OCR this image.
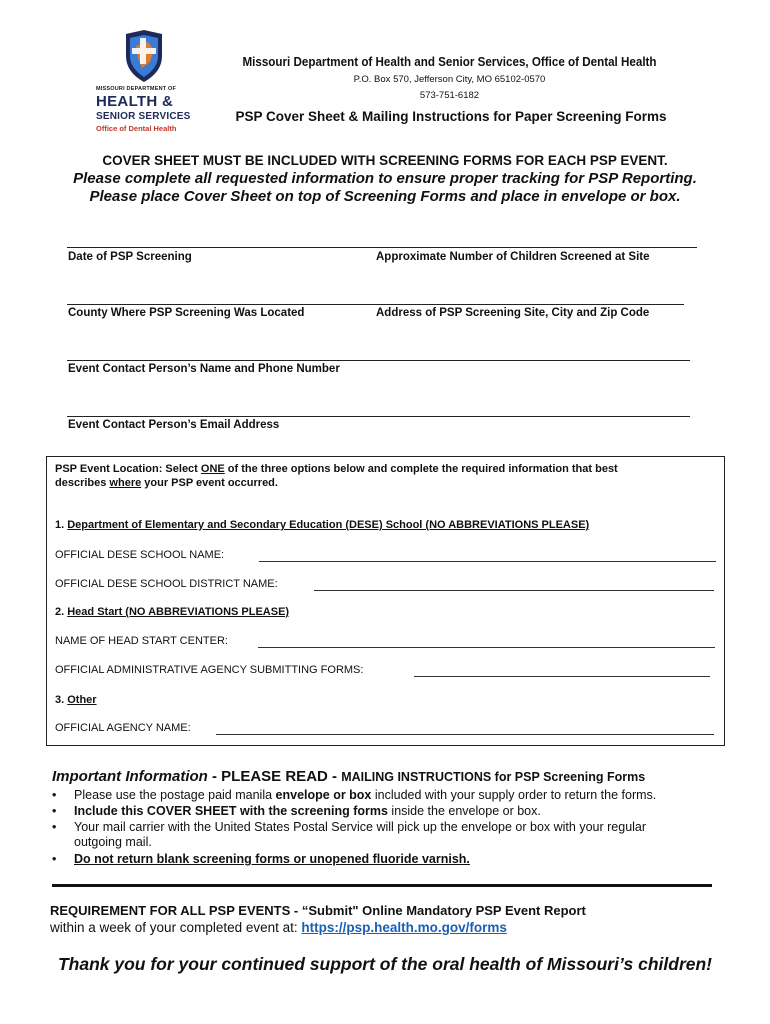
MISSOURI DEPARTMENT OF
HEALTH &
SENIOR SERVICES
Office of Dental Health
Missouri Department of Health and Senior Services, Office of Dental Health
P.O. Box 570, Jefferson City, MO 65102-0570
573-751-6182
PSP Cover Sheet & Mailing Instructions for Paper Screening Forms
COVER SHEET MUST BE INCLUDED WITH SCREENING FORMS FOR EACH PSP EVENT.
Please complete all requested information to ensure proper tracking for PSP Reporting.
Please place Cover Sheet on top of Screening Forms and place in envelope or box.
Date of PSP Screening	Approximate Number of Children Screened at Site
County Where PSP Screening Was Located	Address of PSP Screening Site, City and Zip Code
Event Contact Person’s Name and Phone Number
Event Contact Person’s Email Address
PSP Event Location: Select ONE of the three options below and complete the required information that best
describes where your PSP event occurred.
1. Department of Elementary and Secondary Education (DESE) School (NO ABBREVIATIONS PLEASE)
OFFICIAL DESE SCHOOL NAME:
OFFICIAL DESE SCHOOL DISTRICT NAME:
2. Head Start (NO ABBREVIATIONS PLEASE)
NAME OF HEAD START CENTER:
OFFICIAL ADMINISTRATIVE AGENCY SUBMITTING FORMS:
3. Other
OFFICIAL AGENCY NAME:
Important Information - PLEASE READ - MAILING INSTRUCTIONS for PSP Screening Forms
•	Please use the postage paid manila envelope or box included with your supply order to return the forms.
•	Include this COVER SHEET with the screening forms inside the envelope or box.
•	Your mail carrier with the United States Postal Service will pick up the envelope or box with your regular
outgoing mail.
•	Do not return blank screening forms or unopened fluoride varnish.
REQUIREMENT FOR ALL PSP EVENTS - “Submit" Online Mandatory PSP Event Report
within a week of your completed event at: https://psp.health.mo.gov/forms
Thank you for your continued support of the oral health of Missouri’s children!
